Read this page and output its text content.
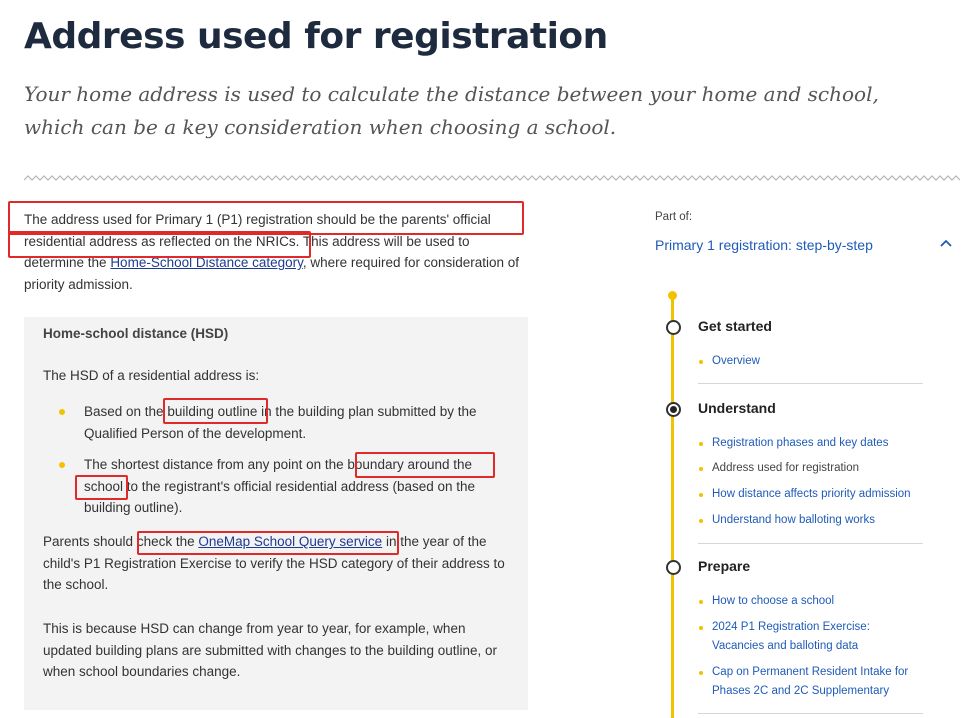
Address used for registration

Your home address is used to calculate the distance between your home and school, which can be a key consideration when choosing a school.

The address used for Primary 1 (P1) registration should be the parents' official residential address as reflected on the NRICs. This address will be used to determine the Home-School Distance category, where required for consideration of priority admission.

Home-school distance (HSD)
The HSD of a residential address is:
Based on the building outline in the building plan submitted by the Qualified Person of the development.
The shortest distance from any point on the boundary around the school to the registrant's official residential address (based on the building outline).

Parents should check the OneMap School Query service in the year of the child's P1 Registration Exercise to verify the HSD category of their address to the school.

This is because HSD can change from year to year, for example, when updated building plans are submitted with changes to the building outline, or when school boundaries change.

Part of:
Primary 1 registration: step-by-step
Get started
Overview
Understand
Registration phases and key dates
Address used for registration
How distance affects priority admission
Understand how balloting works
Prepare
How to choose a school
2024 P1 Registration Exercise: Vacancies and balloting data
Cap on Permanent Resident Intake for Phases 2C and 2C Supplementary
